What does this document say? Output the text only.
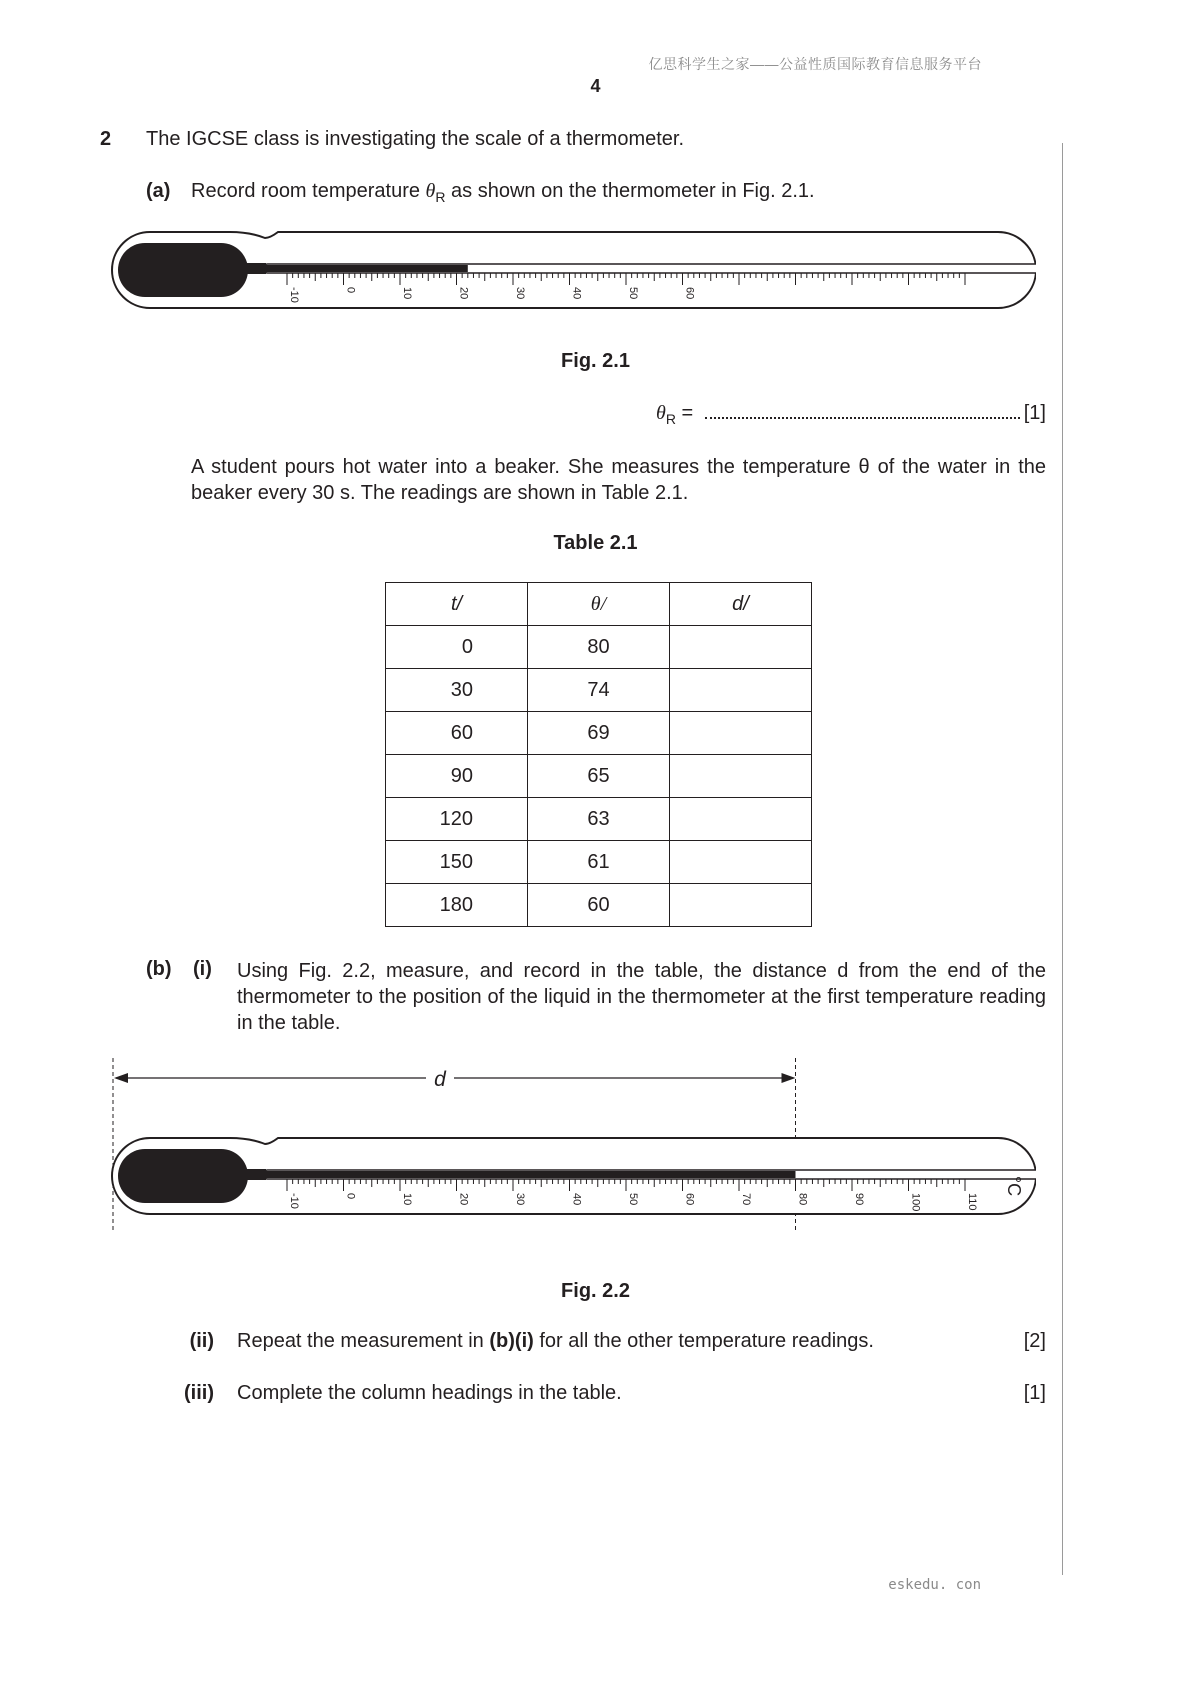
亿思科学生之家——公益性质国际教育信息服务平台
4
2 The IGCSE class is investigating the scale of a thermometer.
(a) Record room temperature $\theta_R$ as shown on the thermometer in Fig. 2.1.
-10	0	10	20	30	40	50	60
Fig. 2.1
$\theta_R$ =	[1]
A student pours hot water into a beaker. She measures the temperature θ of the water in the beaker every 30 s. The readings are shown in Table 2.1.
Table 2.1
t/	θ/	d/
0	80	
30	74	
60	69	
90	65	
120	63	
150	61	
180	60	
(b) (i) Using Fig. 2.2, measure, and record in the table, the distance d from the end of the thermometer to the position of the liquid in the thermometer at the first temperature reading in the table.
d
-10	0	10	20	30	40	50	60	70	80	90	100	110
°C
Fig. 2.2
(ii) Repeat the measurement in (b)(i) for all the other temperature readings.	[2]
(iii) Complete the column headings in the table.	[1]
eskedu. con
